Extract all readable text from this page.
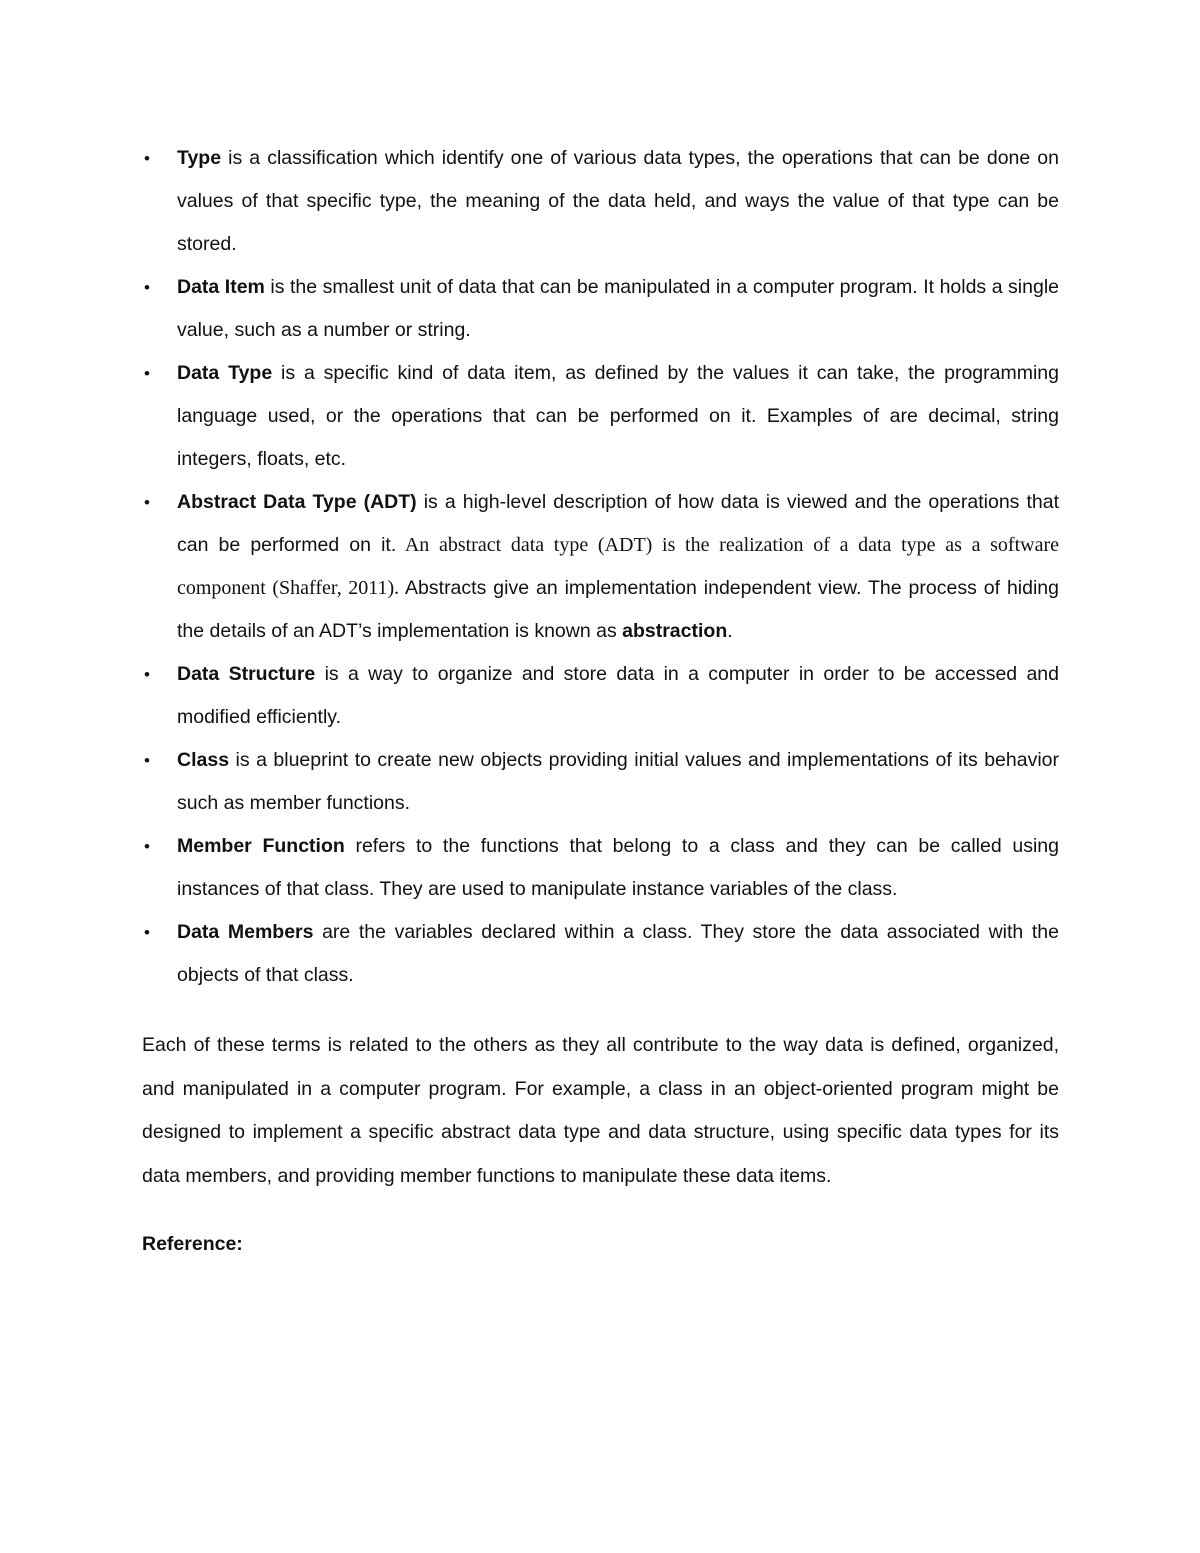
• Type is a classification which identify one of various data types, the operations that can be done on values of that specific type, the meaning of the data held, and ways the value of that type can be stored.
• Data Item is the smallest unit of data that can be manipulated in a computer program. It holds a single value, such as a number or string.
• Data Type is a specific kind of data item, as defined by the values it can take, the programming language used, or the operations that can be performed on it. Examples of are decimal, string integers, floats, etc.
• Abstract Data Type (ADT) is a high-level description of how data is viewed and the operations that can be performed on it. An abstract data type (ADT) is the realization of a data type as a software component (Shaffer, 2011). Abstracts give an implementation independent view. The process of hiding the details of an ADT’s implementation is known as abstraction.
• Data Structure is a way to organize and store data in a computer in order to be accessed and modified efficiently.
• Class is a blueprint to create new objects providing initial values and implementations of its behavior such as member functions.
• Member Function refers to the functions that belong to a class and they can be called using instances of that class. They are used to manipulate instance variables of the class.
• Data Members are the variables declared within a class. They store the data associated with the objects of that class.

Each of these terms is related to the others as they all contribute to the way data is defined, organized, and manipulated in a computer program. For example, a class in an object-oriented program might be designed to implement a specific abstract data type and data structure, using specific data types for its data members, and providing member functions to manipulate these data items.

Reference:
